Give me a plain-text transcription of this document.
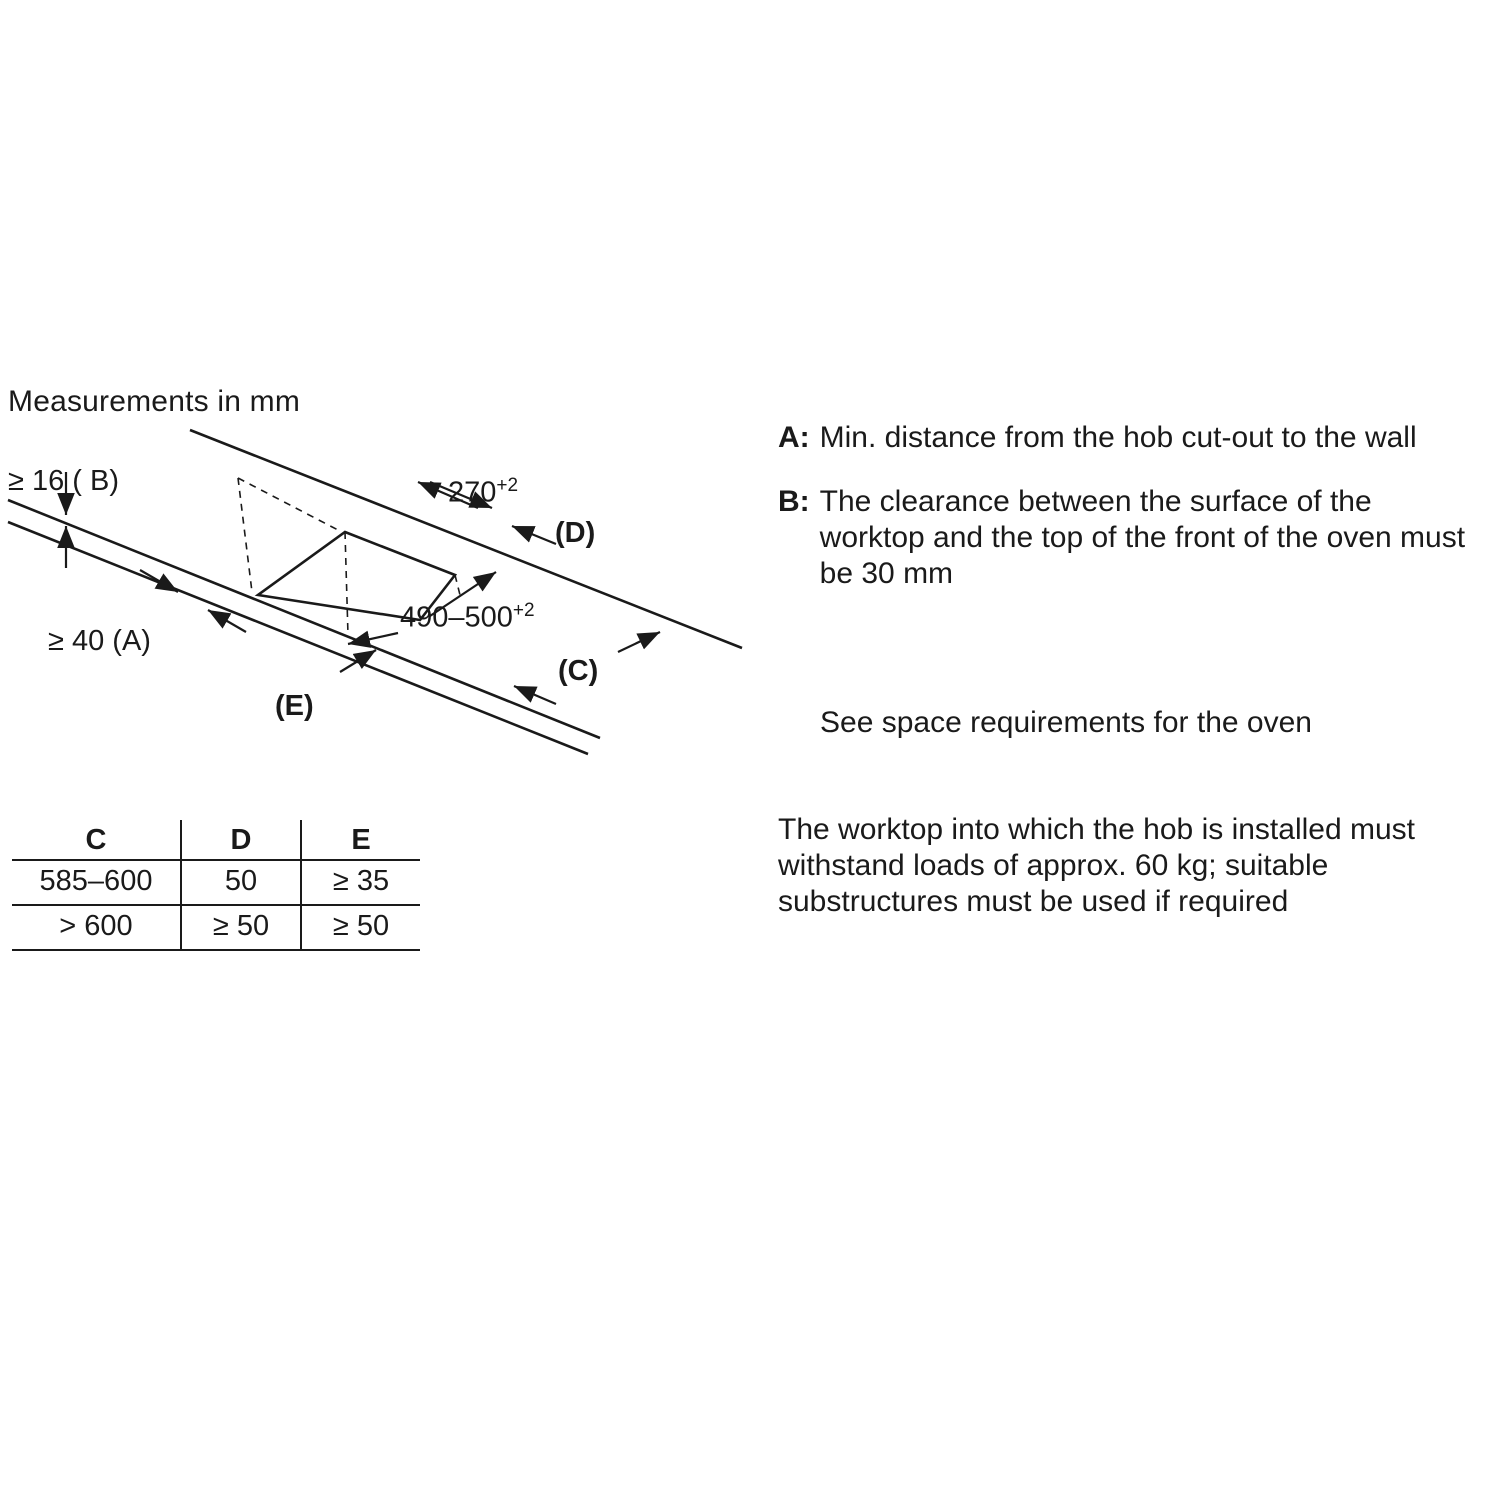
Measurements in mm
≥ 16 ( B)
≥ 40 (A)
$270^{+2}$
$490-500^{+2}$
(D)
(C)
(E)
C	D	E
585–600	50	≥ 35
> 600	≥ 50	≥ 50
A: Min. distance from the hob cut-out to the wall
B: The clearance between the surface of the worktop and the top of the front of the oven must be 30 mm
See space requirements for the oven
The worktop into which the hob is installed must withstand loads of approx. 60 kg; suitable substructures must be used if required
